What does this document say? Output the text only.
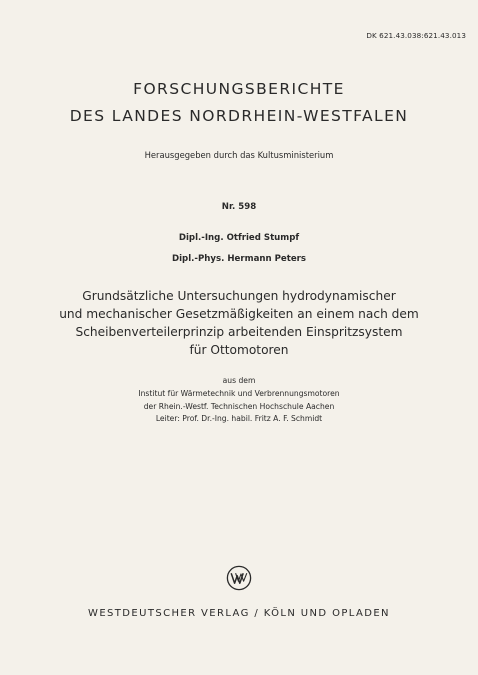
DK 621.43.038:621.43.013
FORSCHUNGSBERICHTE
DES LANDES NORDRHEIN-WESTFALEN
Herausgegeben durch das Kultusministerium
Nr. 598
Dipl.-Ing. Otfried Stumpf
Dipl.-Phys. Hermann Peters
Grundsätzliche Untersuchungen hydrodynamischer
und mechanischer Gesetzmäßigkeiten an einem nach dem
Scheibenverteilerprinzip arbeitenden Einspritzsystem
für Ottomotoren
aus dem
Institut für Wärmetechnik und Verbrennungsmotoren
der Rhein.-Westf. Technischen Hochschule Aachen
Leiter: Prof. Dr.-Ing. habil. Fritz A. F. Schmidt
WESTDEUTSCHER VERLAG / KÖLN UND OPLADEN
